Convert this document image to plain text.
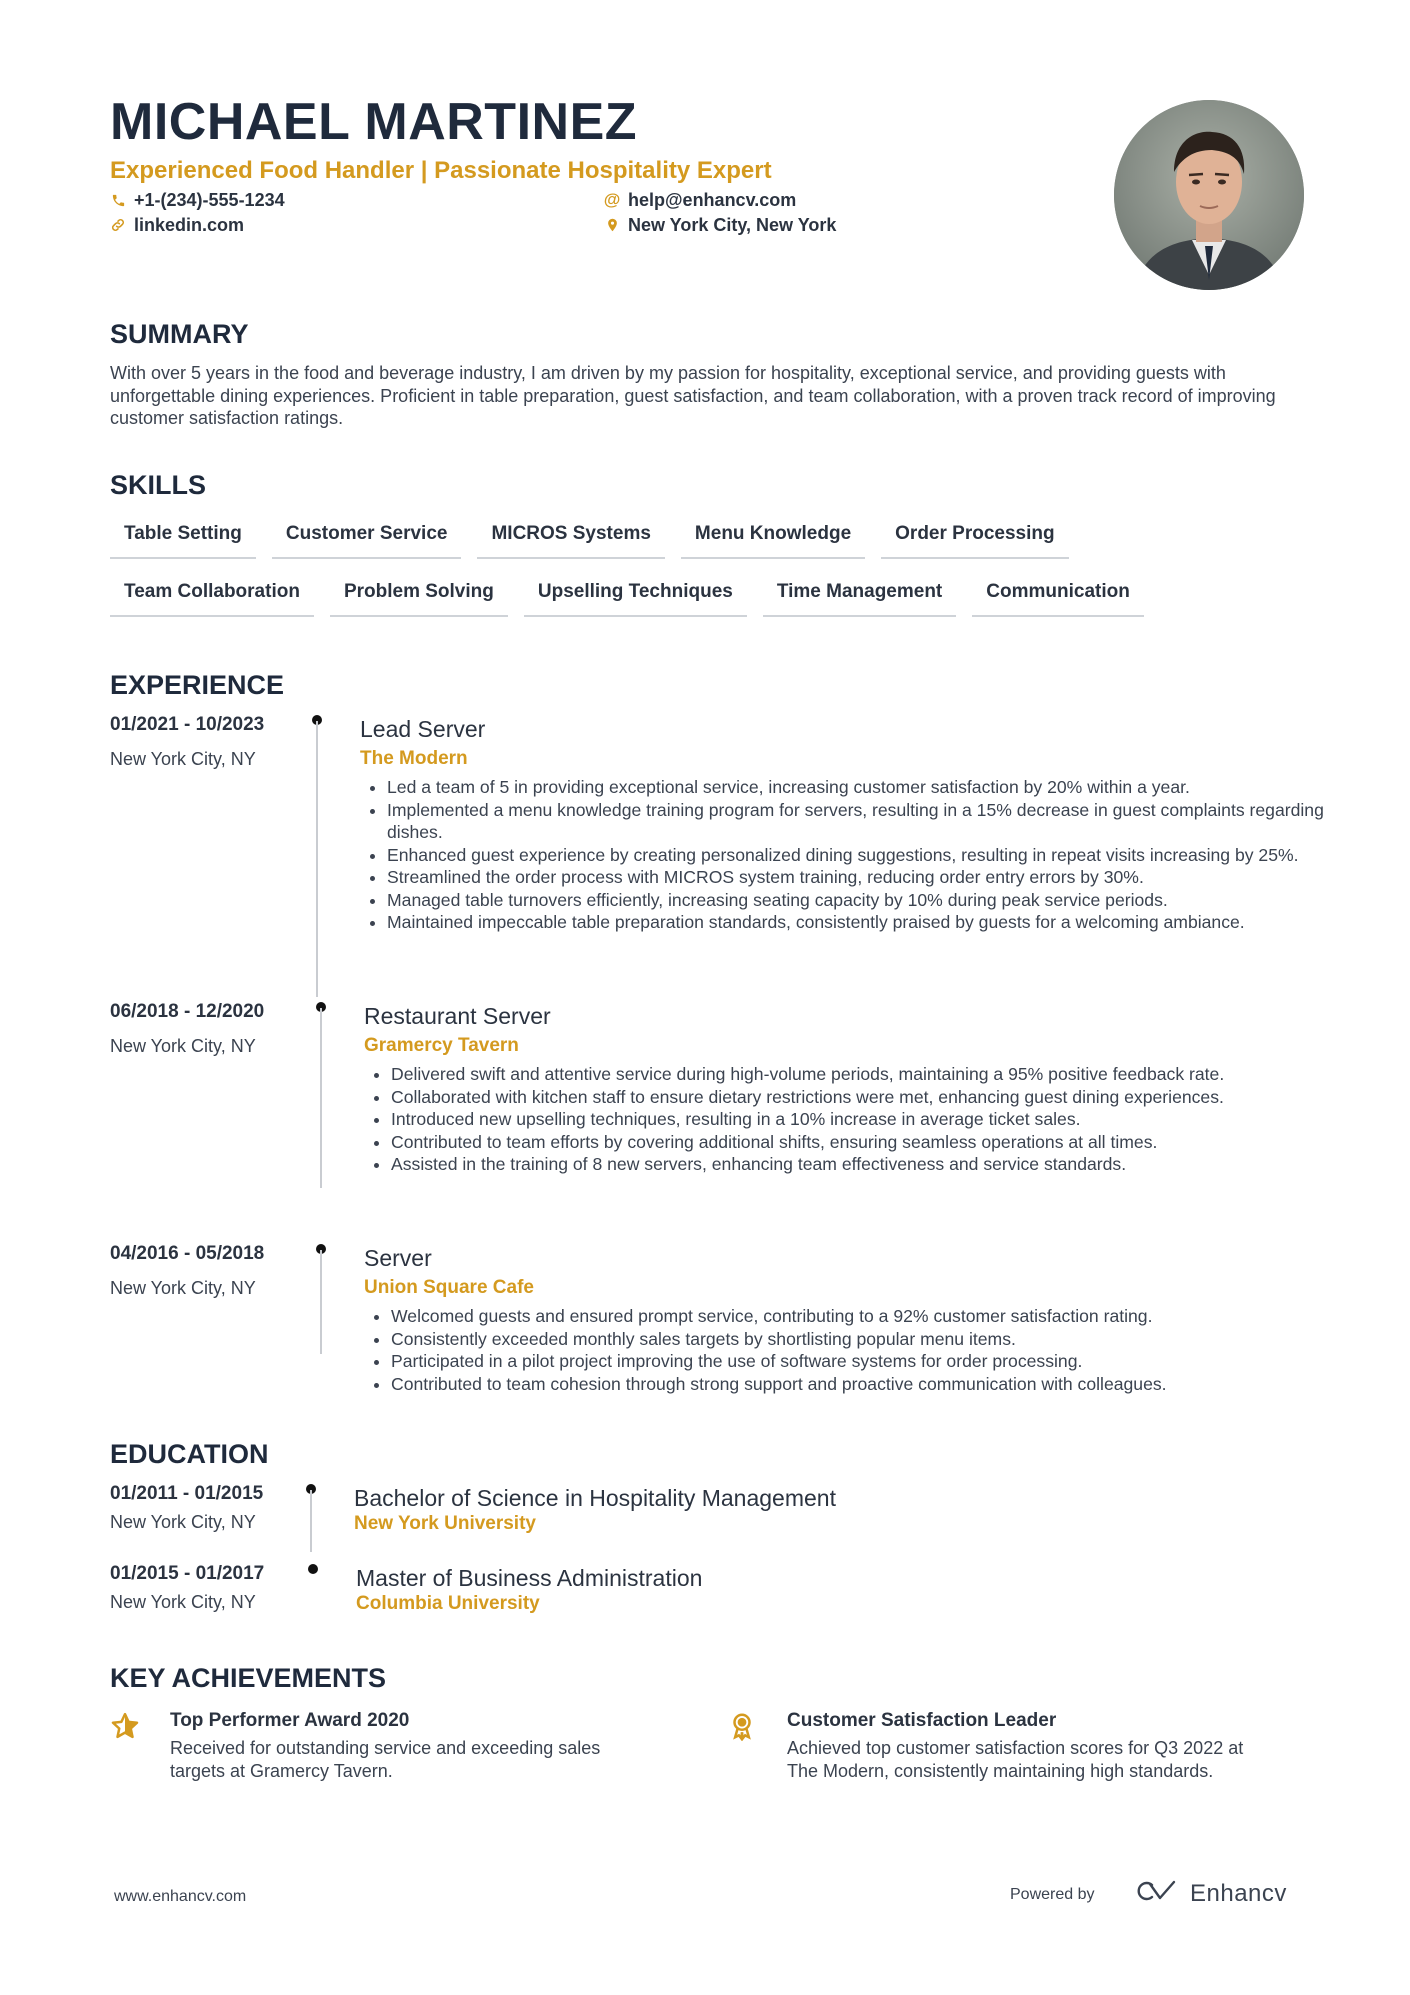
MICHAEL MARTINEZ
Experienced Food Handler | Passionate Hospitality Expert
+1-(234)-555-1234	@ help@enhancv.com
linkedin.com	New York City, New York
SUMMARY
With over 5 years in the food and beverage industry, I am driven by my passion for hospitality, exceptional service, and providing guests with unforgettable dining experiences. Proficient in table preparation, guest satisfaction, and team collaboration, with a proven track record of improving customer satisfaction ratings.
SKILLS
Table Setting	Customer Service	MICROS Systems	Menu Knowledge	Order Processing
Team Collaboration	Problem Solving	Upselling Techniques	Time Management	Communication
EXPERIENCE
01/2021 - 10/2023
New York City, NY
Lead Server
The Modern
• Led a team of 5 in providing exceptional service, increasing customer satisfaction by 20% within a year.
• Implemented a menu knowledge training program for servers, resulting in a 15% decrease in guest complaints regarding dishes.
• Enhanced guest experience by creating personalized dining suggestions, resulting in repeat visits increasing by 25%.
• Streamlined the order process with MICROS system training, reducing order entry errors by 30%.
• Managed table turnovers efficiently, increasing seating capacity by 10% during peak service periods.
• Maintained impeccable table preparation standards, consistently praised by guests for a welcoming ambiance.
06/2018 - 12/2020
New York City, NY
Restaurant Server
Gramercy Tavern
• Delivered swift and attentive service during high-volume periods, maintaining a 95% positive feedback rate.
• Collaborated with kitchen staff to ensure dietary restrictions were met, enhancing guest dining experiences.
• Introduced new upselling techniques, resulting in a 10% increase in average ticket sales.
• Contributed to team efforts by covering additional shifts, ensuring seamless operations at all times.
• Assisted in the training of 8 new servers, enhancing team effectiveness and service standards.
04/2016 - 05/2018
New York City, NY
Server
Union Square Cafe
• Welcomed guests and ensured prompt service, contributing to a 92% customer satisfaction rating.
• Consistently exceeded monthly sales targets by shortlisting popular menu items.
• Participated in a pilot project improving the use of software systems for order processing.
• Contributed to team cohesion through strong support and proactive communication with colleagues.
EDUCATION
01/2011 - 01/2015
New York City, NY
Bachelor of Science in Hospitality Management
New York University
01/2015 - 01/2017
New York City, NY
Master of Business Administration
Columbia University
KEY ACHIEVEMENTS
Top Performer Award 2020
Received for outstanding service and exceeding sales targets at Gramercy Tavern.
Customer Satisfaction Leader
Achieved top customer satisfaction scores for Q3 2022 at The Modern, consistently maintaining high standards.
www.enhancv.com	Powered by	Enhancv
